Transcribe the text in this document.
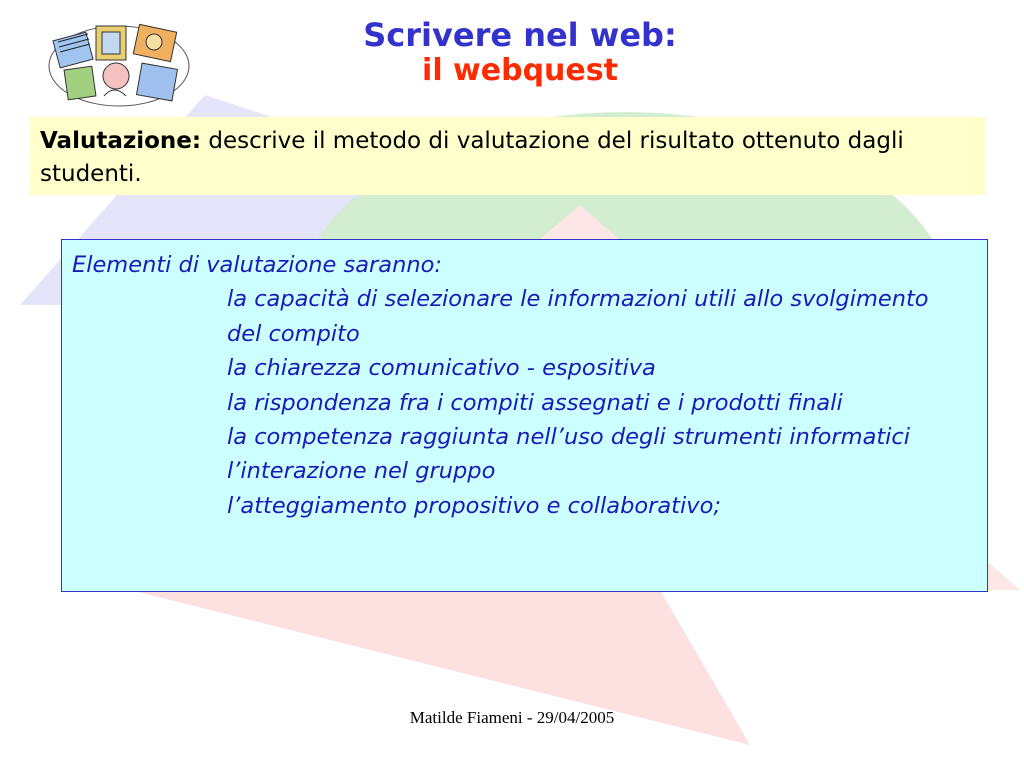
Scrivere nel web:
il webquest
Valutazione: descrive il metodo di valutazione del risultato ottenuto dagli studenti.
Elementi di valutazione saranno:
la capacità di selezionare le informazioni utili allo svolgimento del compito
la chiarezza comunicativo - espositiva
la rispondenza fra i compiti assegnati e i prodotti finali
la competenza raggiunta nell’uso degli strumenti informatici
l’interazione nel gruppo
l’atteggiamento propositivo e collaborativo;
Matilde Fiameni - 29/04/2005
